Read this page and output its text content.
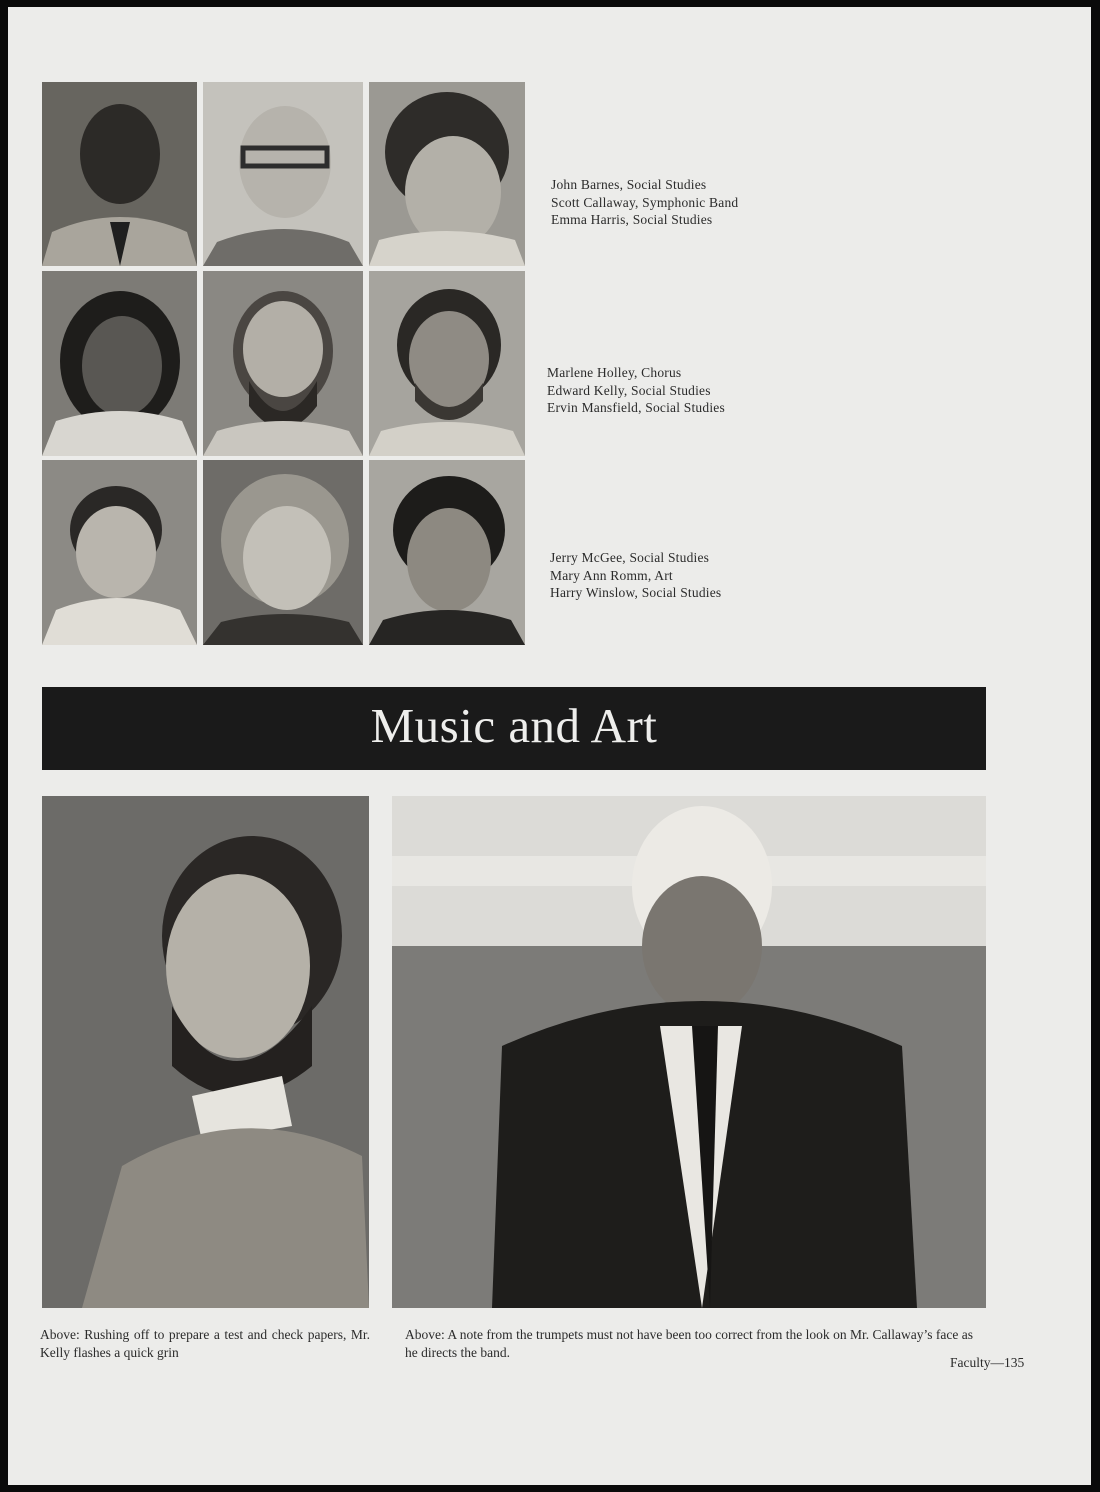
John Barnes, Social Studies
Scott Callaway, Symphonic Band
Emma Harris, Social Studies
Marlene Holley, Chorus
Edward Kelly, Social Studies
Ervin Mansfield, Social Studies
Jerry McGee, Social Studies
Mary Ann Romm, Art
Harry Winslow, Social Studies
Music and Art
Above: Rushing off to prepare a test and check papers, Mr. Kelly flashes a quick grin
Above: A note from the trumpets must not have been too correct from the look on Mr. Callaway’s face as he directs the band.
Faculty—135
